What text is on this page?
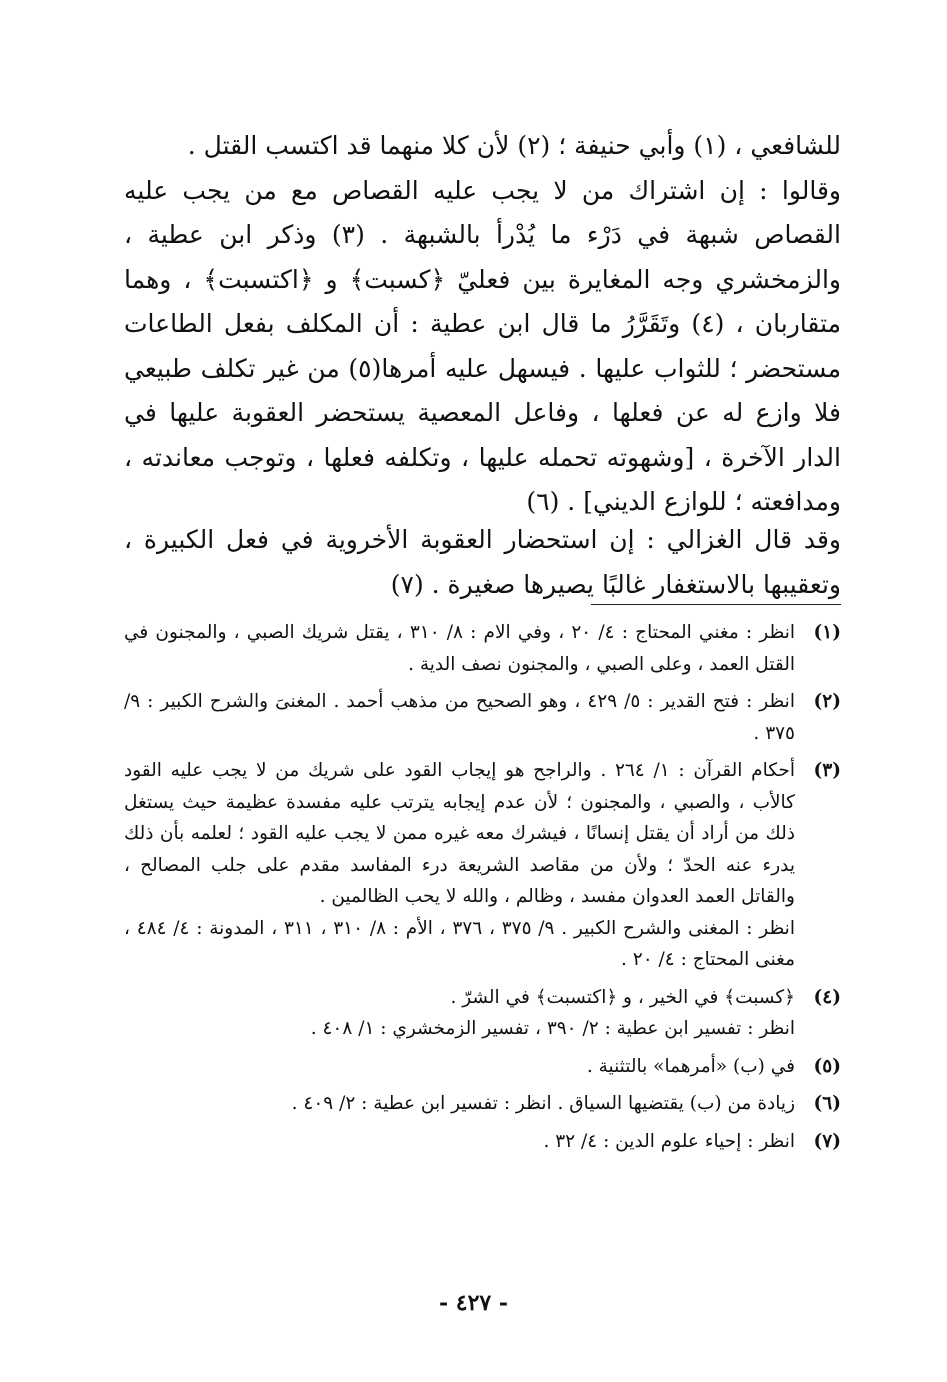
للشافعي ، (١) وأبي حنيفة ؛ (٢) لأن كلا منهما قد اكتسب القتل .

وقالوا : إن اشتراك من لا يجب عليه القصاص مع من يجب عليه القصاص شبهة في دَرْء ما يُدْرأ بالشبهة . (٣) وذكر ابن عطية ، والزمخشري وجه المغايرة بين فعليّ ﴿كسبت﴾ و ﴿اكتسبت﴾ ، وهما متقاربان ، (٤) وتَقَرَّرُ ما قال ابن عطية : أن المكلف بفعل الطاعات مستحضر ؛ للثواب عليها . فيسهل عليه أمرها(٥) من غير تكلف طبيعي فلا وازع له عن فعلها ، وفاعل المعصية يستحضر العقوبة عليها في الدار الآخرة ، [وشهوته تحمله عليها ، وتكلفه فعلها ، وتوجب معاندته ، ومدافعته ؛ للوازع الديني] . (٦)

وقد قال الغزالي : إن استحضار العقوبة الأخروية في فعل الكبيرة ، وتعقيبها بالاستغفار غالبًا يصيرها صغيرة . (٧)

(١)

انظر : مغني المحتاج : ٤/ ٢٠ ، وفي الام : ٨/ ٣١٠ ، يقتل شريك الصبي ، والمجنون في القتل العمد ، وعلى الصبي ، والمجنون نصف الدية .

(٢)

انظر : فتح القدير : ٥/ ٤٢٩ ، وهو الصحيح من مذهب أحمد . المغنىَ والشرح الكبير : ٩/ ٣٧٥ .

(٣)

أحكام القرآن : ١/ ٢٦٤ . والراجح هو إيجاب القود على شريك من لا يجب عليه القود كالأب ، والصبي ، والمجنون ؛ لأن عدم إيجابه يترتب عليه مفسدة عظيمة حيث يستغل ذلك من أراد أن يقتل إنسانًا ، فيشرك معه غيره ممن لا يجب عليه القود ؛ لعلمه بأن ذلك يدرء عنه الحدّ ؛ ولأن من مقاصد الشريعة درء المفاسد مقدم على جلب المصالح ، والقاتل العمد العدوان مفسد ، وظالم ، والله لا يحب الظالمين .

انظر : المغنى والشرح الكبير . ٩/ ٣٧٥ ، ٣٧٦ ، الأم : ٨/ ٣١٠ ، ٣١١ ، المدونة : ٤/ ٤٨٤ ، مغنى المحتاج : ٤/ ٢٠ .

(٤)

﴿كسبت﴾ في الخير ، و ﴿اكتسبت﴾ في الشرّ .

انظر : تفسير ابن عطية : ٢/ ٣٩٠ ، تفسير الزمخشري : ١/ ٤٠٨ .

(٥)

في (ب) «أمرهما» بالتثنية .

(٦)

زيادة من (ب) يقتضيها السياق . انظر : تفسير ابن عطية : ٢/ ٤٠٩ .

(٧)

انظر : إحياء علوم الدين : ٤/ ٣٢ .

- ٤٢٧ -
